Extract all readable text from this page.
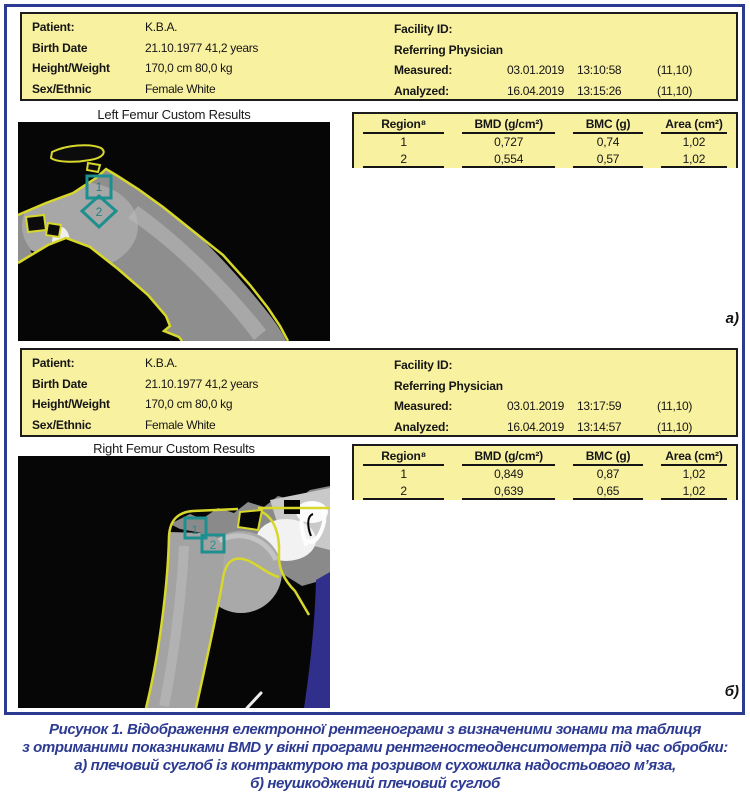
Patient:	K.B.A.
Birth Date	21.10.1977 41,2 years
Height/Weight	170,0 cm 80,0 kg
Sex/Ethnic	Female White
Facility ID:
Referring Physician
Measured:	03.01.2019	13:10:58	(11,10)
Analyzed:	16.04.2019	13:15:26	(11,10)
Left Femur Custom Results
1
2
Region⁸	BMD (g/cm²)	BMC (g)	Area (cm²)
1	0,727	0,74	1,02
2	0,554	0,57	1,02
а)
Patient:	K.B.A.
Birth Date	21.10.1977 41,2 years
Height/Weight	170,0 cm 80,0 kg
Sex/Ethnic	Female White
Facility ID:
Referring Physician
Measured:	03.01.2019	13:17:59	(11,10)
Analyzed:	16.04.2019	13:14:57	(11,10)
Right Femur Custom Results
1
2
Region⁸	BMD (g/cm²)	BMC (g)	Area (cm²)
1	0,849	0,87	1,02
2	0,639	0,65	1,02
б)
Рисунок 1. Відображення електронної рентгенограми з визначеними зонами та таблиця
з отриманими показниками BMD у вікні програми рентгеностеоденситометра під час обробки:
а) плечовий суглоб із контрактурою та розривом сухожилка надостьового м’яза,
б) неушкоджений плечовий суглоб
